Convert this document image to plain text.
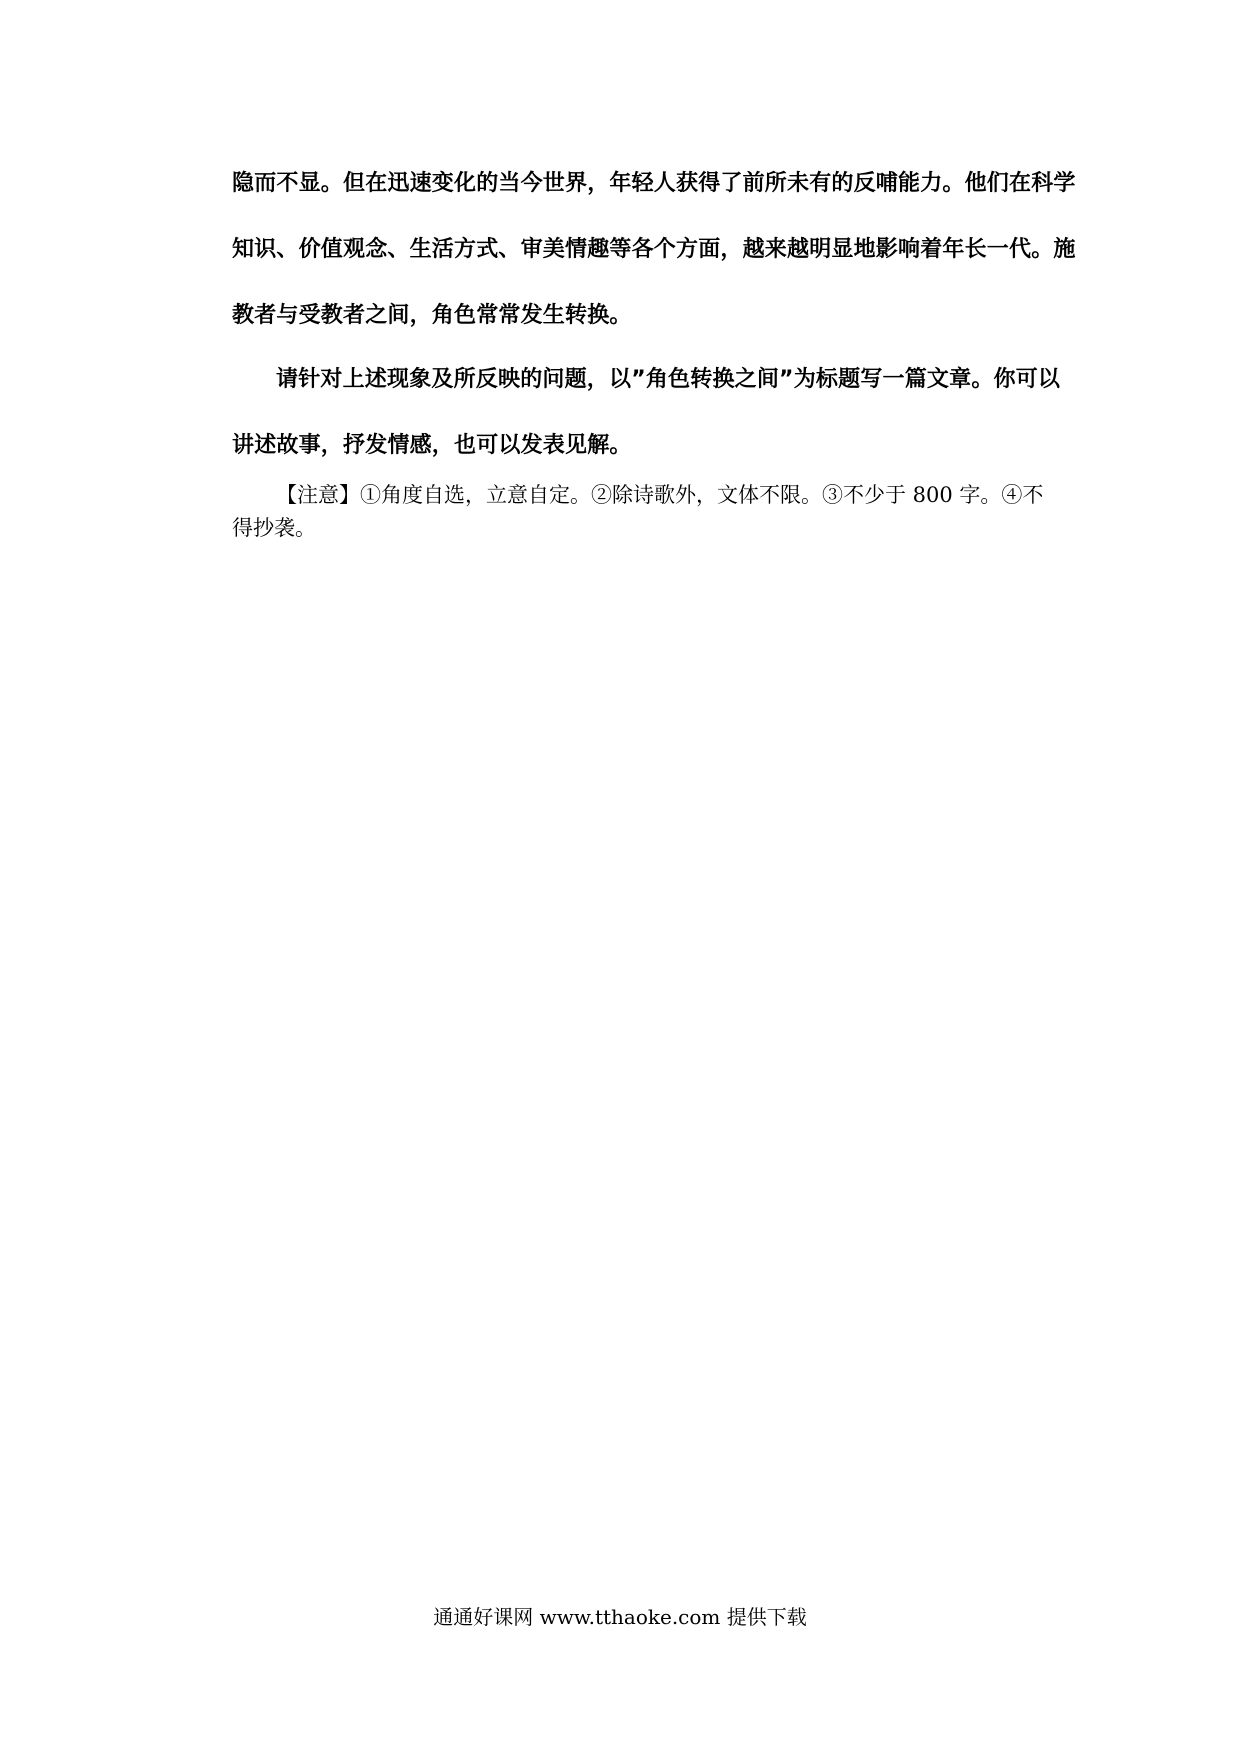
隐而不显。但在迅速变化的当今世界，年轻人获得了前所未有的反哺能力。他们在科学
知识、价值观念、生活方式、审美情趣等各个方面，越来越明显地影响着年长一代。施
教者与受教者之间，角色常常发生转换。
请针对上述现象及所反映的问题，以”角色转换之间”为标题写一篇文章。你可以
讲述故事，抒发情感，也可以发表见解。
【注意】①角度自选，立意自定。②除诗歌外，文体不限。③不少于 800 字。④不
得抄袭。
通通好课网 www.tthaoke.com 提供下载
